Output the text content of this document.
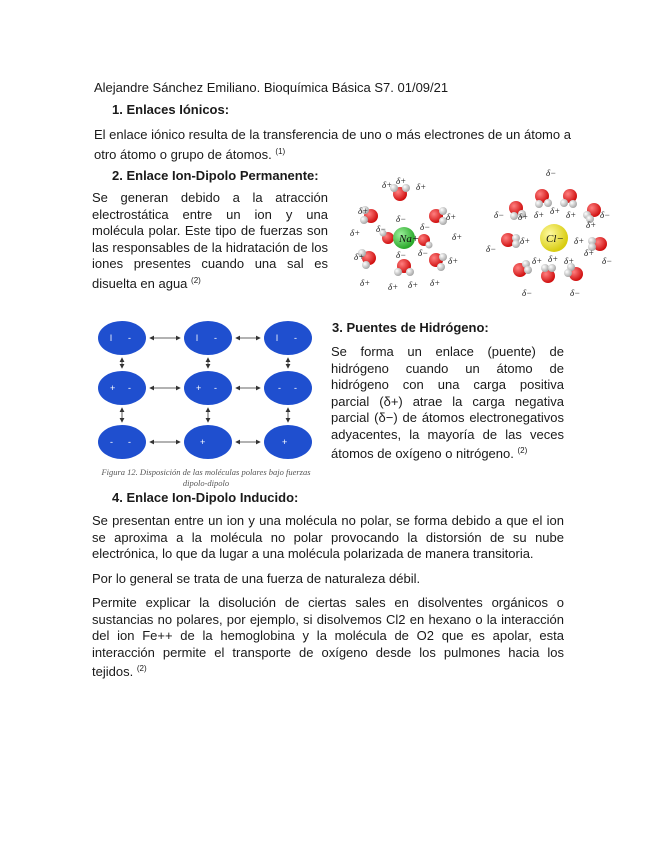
Alejandre Sánchez Emiliano. Bioquímica Básica S7. 01/09/21
1. Enlaces Iónicos:
El enlace iónico resulta de la transferencia de uno o más electrones de un átomo a
otro átomo o grupo de átomos. $^{(1)}$
2. Enlace Ion-Dipolo Permanente:
Se generan debido a la atracción electrostática entre un ion y una molécula polar. Este tipo de fuerzas son las responsables de la hidratación de los iones presentes cuando una sal es disuelta en agua $^{(2)}$
Na+
δ+
δ+
δ+ δ+
δ+
δ+
δ+
δ+
δ+
δ+ δ+ δ+ δ+
δ−
δ−	δ−
δ− δ−
Cl−
δ−
δ−	δ−
δ−
δ−
δ−	δ−
δ+ δ+ δ+ δ+
δ+
δ+	δ+
δ+
δ+ δ+ δ+
l -	l -	l -
+ -	+ -	- -
- -	+	+
Figura 12. Disposición de las moléculas polares bajo fuerzas dipolo-dipolo
3. Puentes de Hidrógeno:
Se forma un enlace (puente) de hidrógeno cuando un átomo de hidrógeno con una carga positiva parcial (δ+) atrae la carga negativa parcial (δ−) de átomos electronegativos adyacentes, la mayoría de las veces átomos de oxígeno o nitrógeno. $^{(2)}$
4. Enlace Ion-Dipolo Inducido:
Se presentan entre un ion y una molécula no polar, se forma debido a que el ion se aproxima a la molécula no polar provocando la distorsión de su nube electrónica, lo que da lugar a una molécula polarizada de manera transitoria.
Por lo general se trata de una fuerza de naturaleza débil.
Permite explicar la disolución de ciertas sales en disolventes orgánicos o sustancias no polares, por ejemplo, si disolvemos Cl2 en hexano o la interacción del ion Fe++ de la hemoglobina y la molécula de O2 que es apolar, esta interacción permite el transporte de oxígeno desde los pulmones hacia los tejidos. $^{(2)}$
